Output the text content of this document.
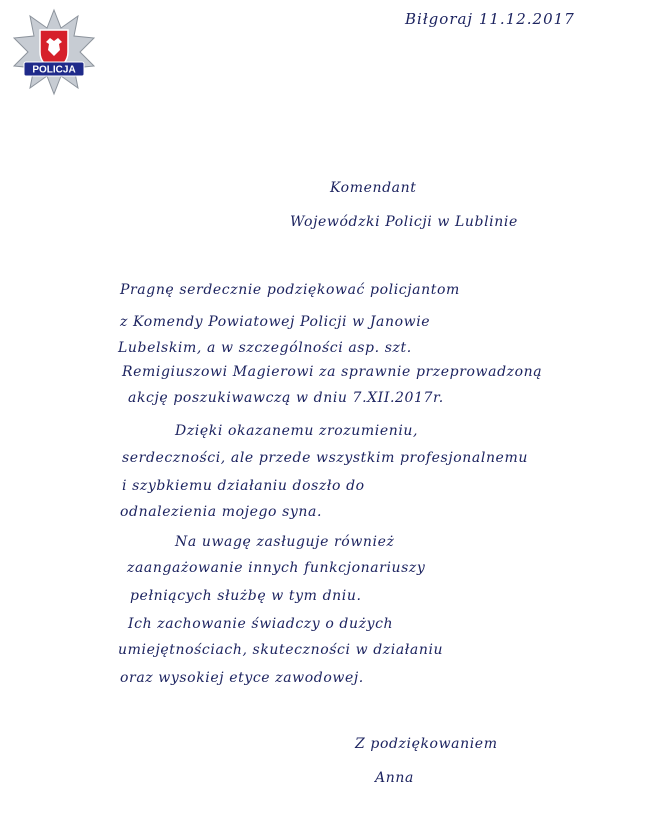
POLICJA
Biłgoraj 11.12.2017
Komendant
Wojewódzki Policji w Lublinie
Pragnę serdecznie podziękować policjantom
z Komendy Powiatowej Policji w Janowie
Lubelskim, a w szczególności asp. szt.
Remigiuszowi Magierowi za sprawnie przeprowadzoną
akcję poszukiwawczą w dniu 7.XII.2017r.
Dzięki okazanemu zrozumieniu,
serdeczności, ale przede wszystkim profesjonalnemu
i szybkiemu działaniu doszło do
odnalezienia mojego syna.
Na uwagę zasługuje również
zaangażowanie innych funkcjonariuszy
pełniących służbę w tym dniu.
Ich zachowanie świadczy o dużych
umiejętnościach, skuteczności w działaniu
oraz wysokiej etyce zawodowej.
Z podziękowaniem
Anna
